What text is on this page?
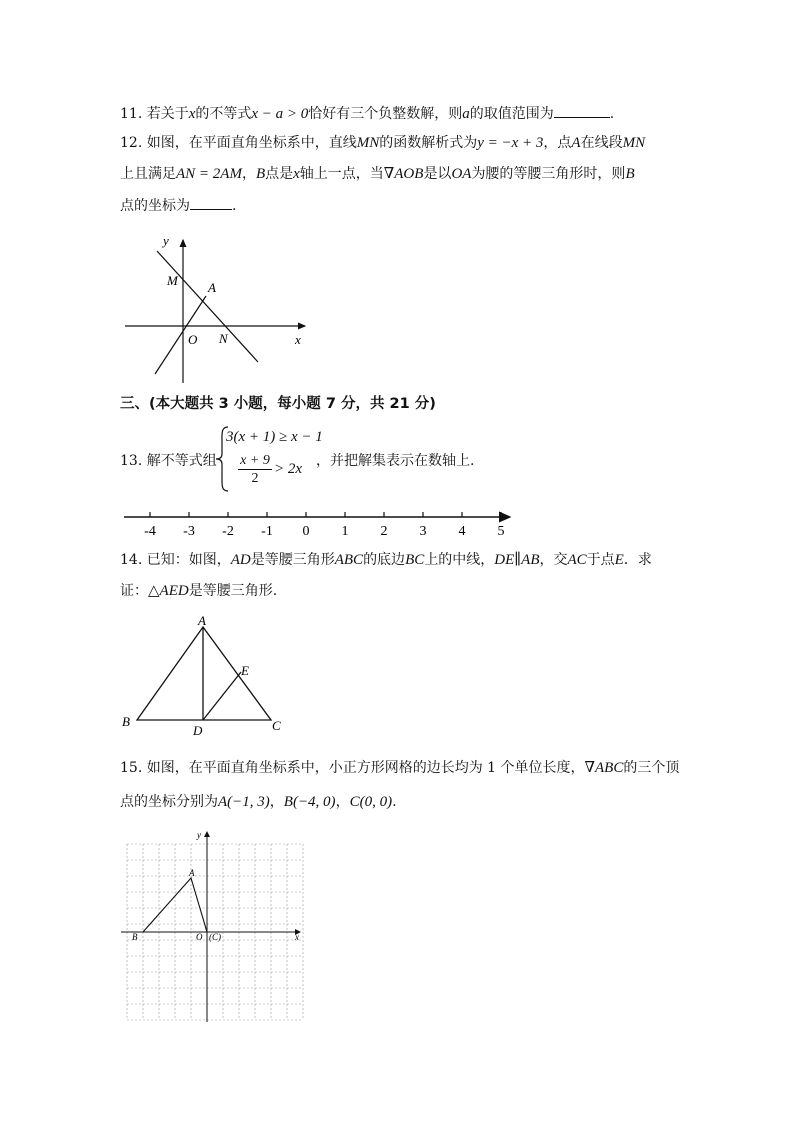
11. 若关于x的不等式x − a > 0恰好有三个负整数解，则a的取值范围为	.
12. 如图，在平面直角坐标系中，直线MN的函数解析式为y = −x + 3，点A在线段MN
上且满足AN = 2AM，B点是x轴上一点，当∇AOB是以OA为腰的等腰三角形时，则B
点的坐标为	.
y
x
M A
O N
三、(本大题共 3 小题，每小题 7 分，共 21 分)
13. 解不等式组
3(x + 1) ≥ x − 1
x + 9
2
> 2x ，并把解集表示在数轴上.
-4 -3 -2 -1 0 1 2 3 4 5
14. 已知：如图，AD是等腰三角形ABC的底边BC上的中线，DE∥AB，交AC于点E．求
证：△AED是等腰三角形.
A
B	C
D
E
15. 如图，在平面直角坐标系中，小正方形网格的边长均为 1 个单位长度，∇ABC的三个顶
点的坐标分别为A(−1, 3)，B(−4, 0)，C(0, 0).
y
x
A
B	O (C)
